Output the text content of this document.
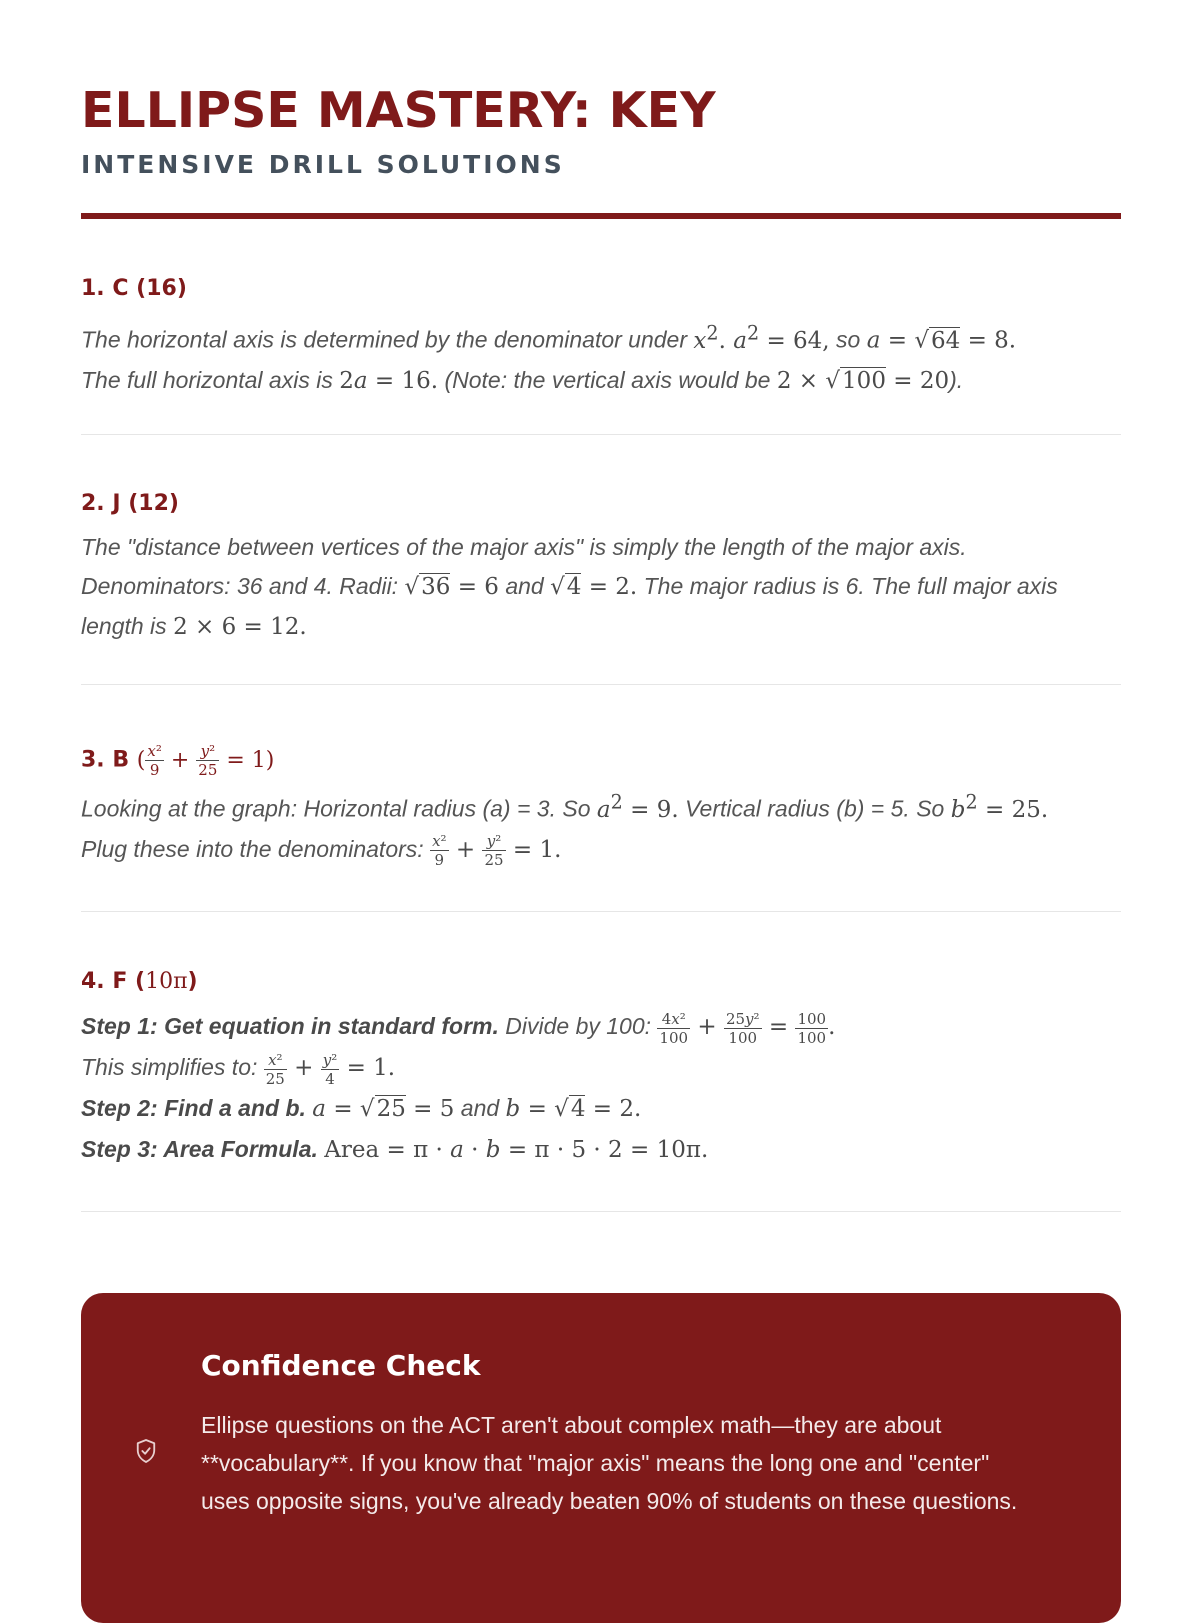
ELLIPSE MASTERY: KEY
INTENSIVE DRILL SOLUTIONS
1. C (16)
The horizontal axis is determined by the denominator under $x^2$. $a^2 = 64$, so a = √64 = 8.
The full horizontal axis is 2a = 16. (Note: the vertical axis would be 2 × √100 = 20).
2. J (12)
The "distance between vertices of the major axis" is simply the length of the major axis.
Denominators: 36 and 4. Radii: √36 = 6 and √4 = 2. The major radius is 6. The full major axis length is 2 × 6 = 12.
3. B ( $\frac{\text{x²}}{9} + \frac{\text{y²}}{25} = 1$)
Looking at the graph: Horizontal radius (a) = 3. So $a^2 = 9$. Vertical radius (b) = 5. So $b^2 = 25$.
Plug these into the denominators: $\frac{\text{x²}}{9} + \frac{\text{y²}}{25} = 1$.
4. F (10π)
Step 1: Get equation in standard form. Divide by 100: $\frac{\text{4x²}}{100} + \frac{\text{25y²}}{100} = \frac{100}{100}$ .
This simplifies to: $\frac{\text{x²}}{25} + \frac{\text{y²}}{4} = 1$.
Step 2: Find a and b. a = √25 = 5 and b = √4 = 2.
Step 3: Area Formula. Area = π · a · b = π · 5 · 2 = 10π.
Confidence Check
Ellipse questions on the ACT aren't about complex math—they are about **vocabulary**. If you know that "major axis" means the long one and "center" uses opposite signs, you've already beaten 90% of students on these questions.
